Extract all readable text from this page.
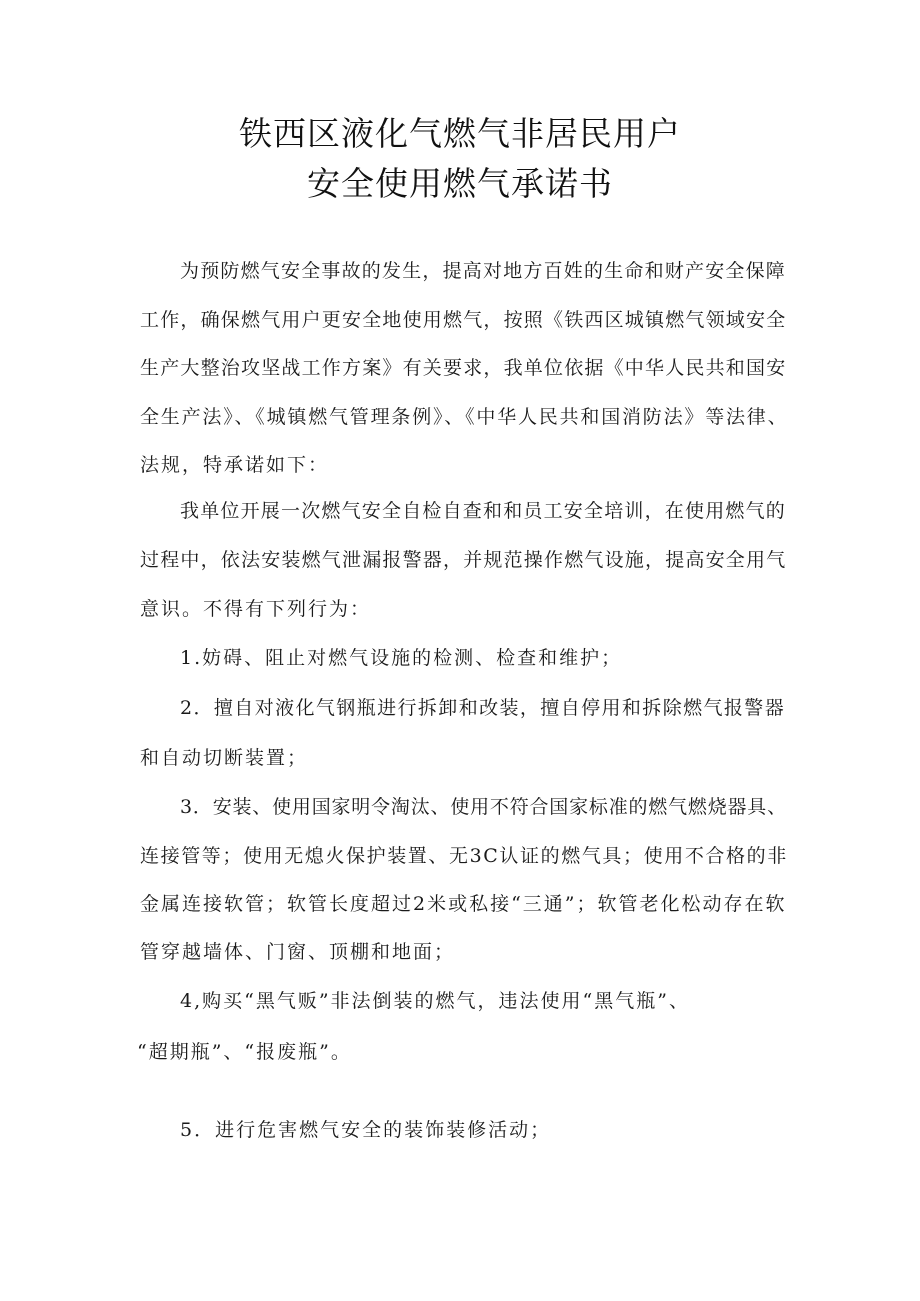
铁西区液化气燃气非居民用户
安全使用燃气承诺书
为预防燃气安全事故的发生，提高对地方百姓的生命和财产安全保障
工作，确保燃气用户更安全地使用燃气，按照《铁西区城镇燃气领域安全
生产大整治攻坚战工作方案》有关要求，我单位依据《中华人民共和国安
全生产法》、《城镇燃气管理条例》、《中华人民共和国消防法》等法律、
法规，特承诺如下：
我单位开展一次燃气安全自检自查和和员工安全培训，在使用燃气的
过程中，依法安装燃气泄漏报警器，并规范操作燃气设施，提高安全用气
意识。不得有下列行为：
1.妨碍、阻止对燃气设施的检测、检查和维护；
2．擅自对液化气钢瓶进行拆卸和改装，擅自停用和拆除燃气报警器
和自动切断装置；
3．安装、使用国家明令淘汰、使用不符合国家标准的燃气燃烧器具、
连接管等；使用无熄火保护装置、无3C认证的燃气具；使用不合格的非
金属连接软管；软管长度超过2米或私接“三通”；软管老化松动存在软
管穿越墙体、门窗、顶棚和地面；
4,购买“黑气贩”非法倒装的燃气，违法使用“黑气瓶”、
“超期瓶”、“报废瓶”。
5．进行危害燃气安全的装饰装修活动；
